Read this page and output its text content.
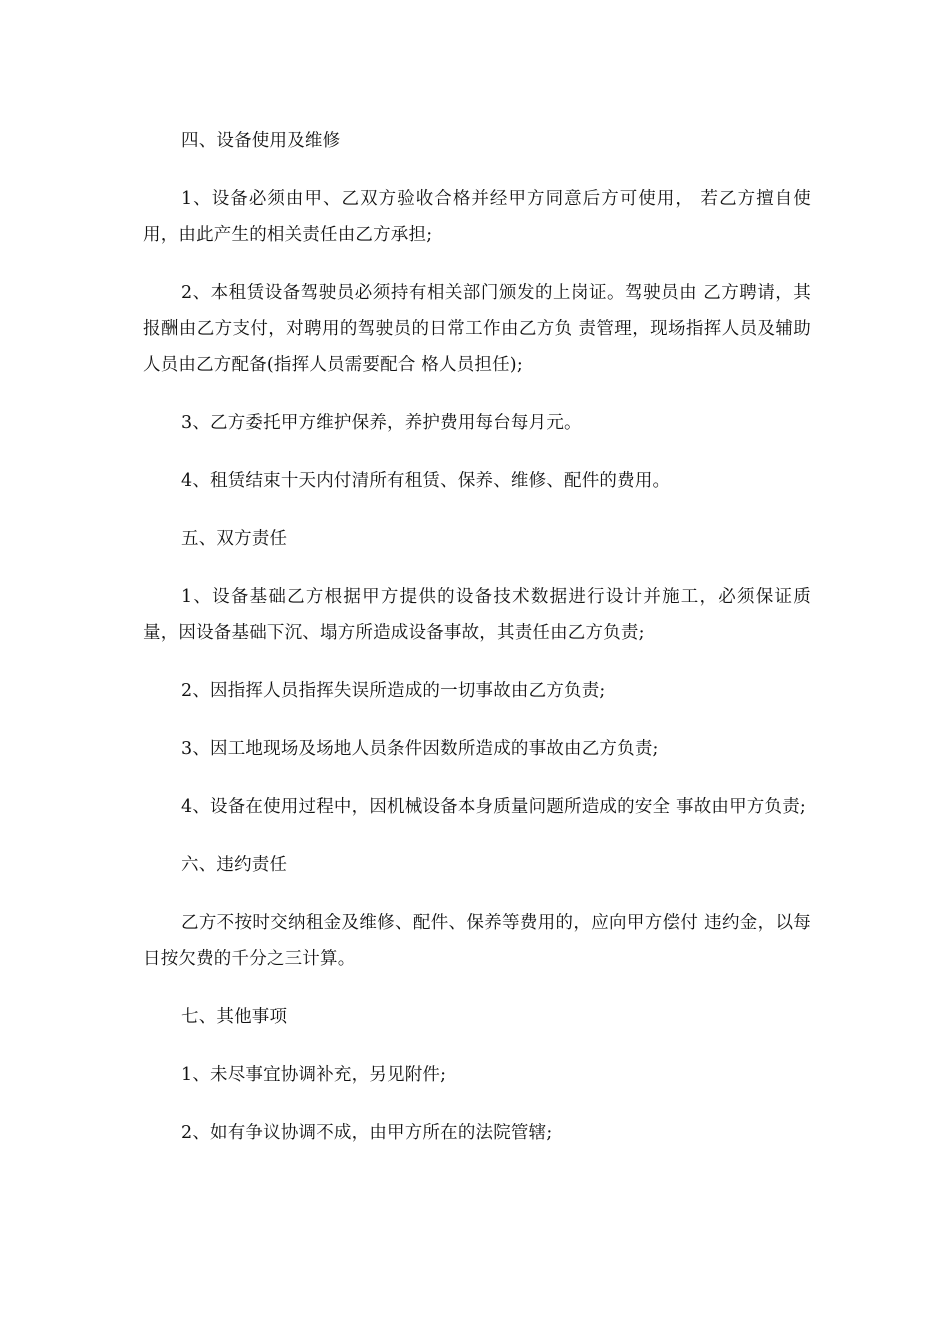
四、设备使用及维修

1、设备必须由甲、乙双方验收合格并经甲方同意后方可使用， 若乙方擅自使用，由此产生的相关责任由乙方承担;

2、本租赁设备驾驶员必须持有相关部门颁发的上岗证。驾驶员由 乙方聘请，其报酬由乙方支付，对聘用的驾驶员的日常工作由乙方负 责管理，现场指挥人员及辅助人员由乙方配备(指挥人员需要配合 格人员担任);

3、乙方委托甲方维护保养，养护费用每台每月元。

4、租赁结束十天内付清所有租赁、保养、维修、配件的费用。

五、双方责任

1、设备基础乙方根据甲方提供的设备技术数据进行设计并施工，必须保证质量，因设备基础下沉、塌方所造成设备事故，其责任由乙方负责;

2、因指挥人员指挥失误所造成的一切事故由乙方负责;

3、因工地现场及场地人员条件因数所造成的事故由乙方负责;

4、设备在使用过程中，因机械设备本身质量问题所造成的安全 事故由甲方负责;

六、违约责任

乙方不按时交纳租金及维修、配件、保养等费用的，应向甲方偿付 违约金，以每日按欠费的千分之三计算。

七、其他事项

1、未尽事宜协调补充，另见附件;

2、如有争议协调不成，由甲方所在的法院管辖;
